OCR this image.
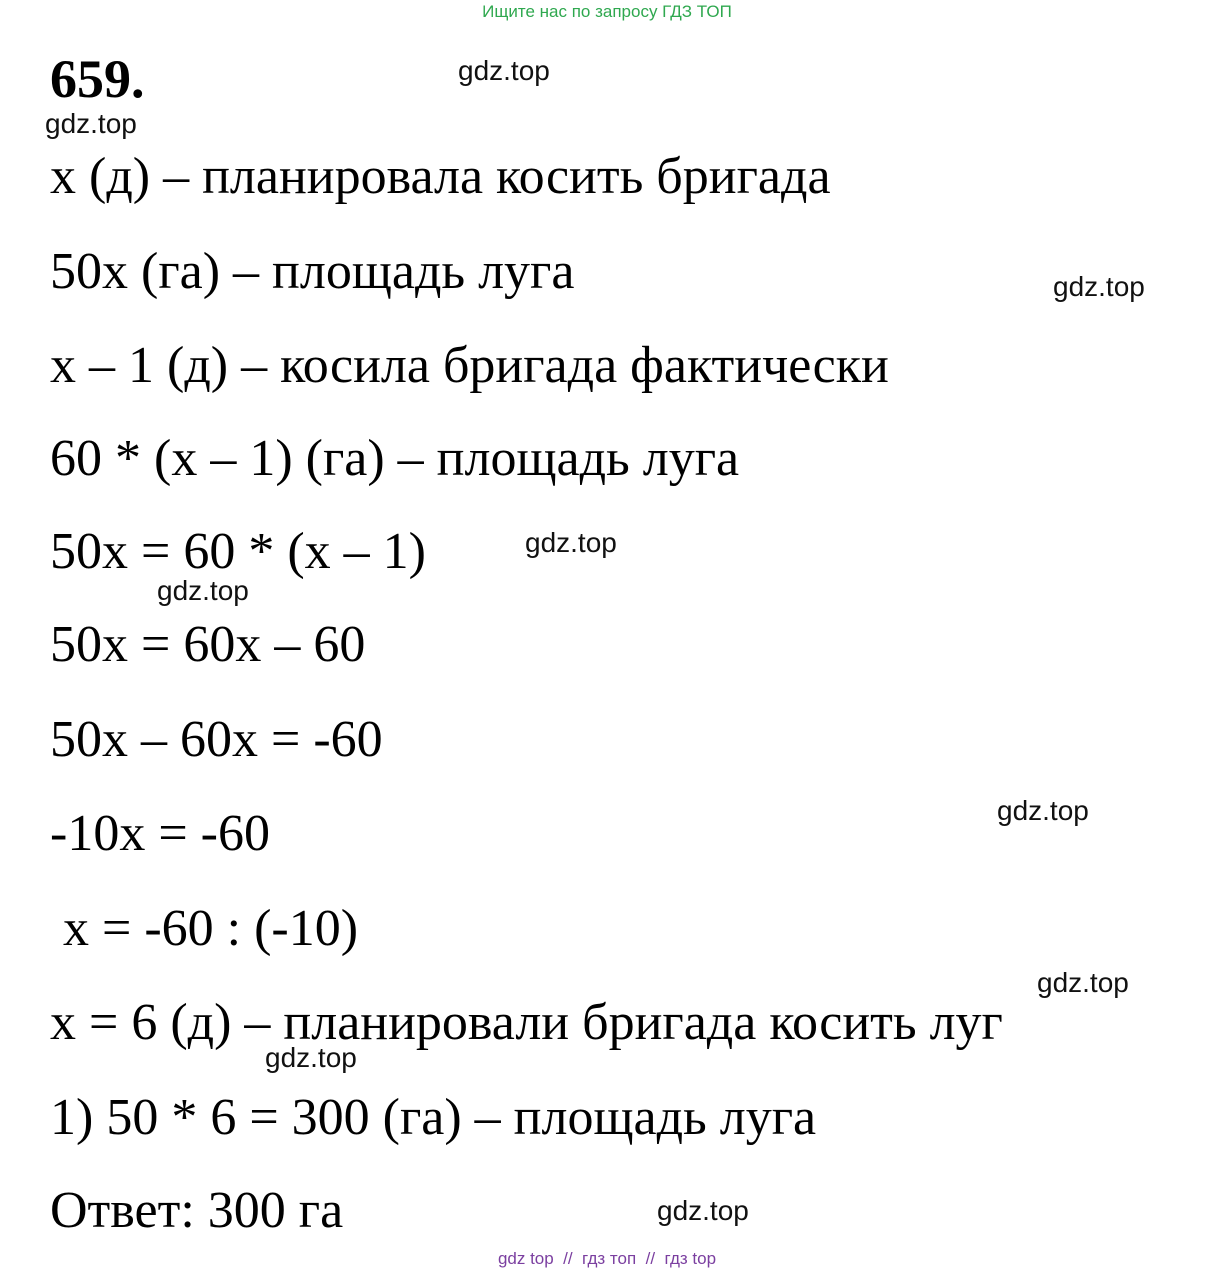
Ищите нас по запросу ГДЗ ТОП
659.
x (д) – планировала косить бригада
50x (га) – площадь луга
x – 1 (д) – косила бригада фактически
60 * (x – 1) (га) – площадь луга
50x = 60 * (x – 1)
50x = 60x – 60
50x – 60x = -60
-10x = -60
x = -60 : (-10)
x = 6 (д) – планировали бригада косить луг
1) 50 * 6 = 300 (га) – площадь луга
Ответ: 300 га
gdz.top
gdz.top
gdz.top
gdz.top
gdz.top
gdz.top
gdz.top
gdz.top
gdz.top
gdz top  //  гдз топ  //  гдз top
